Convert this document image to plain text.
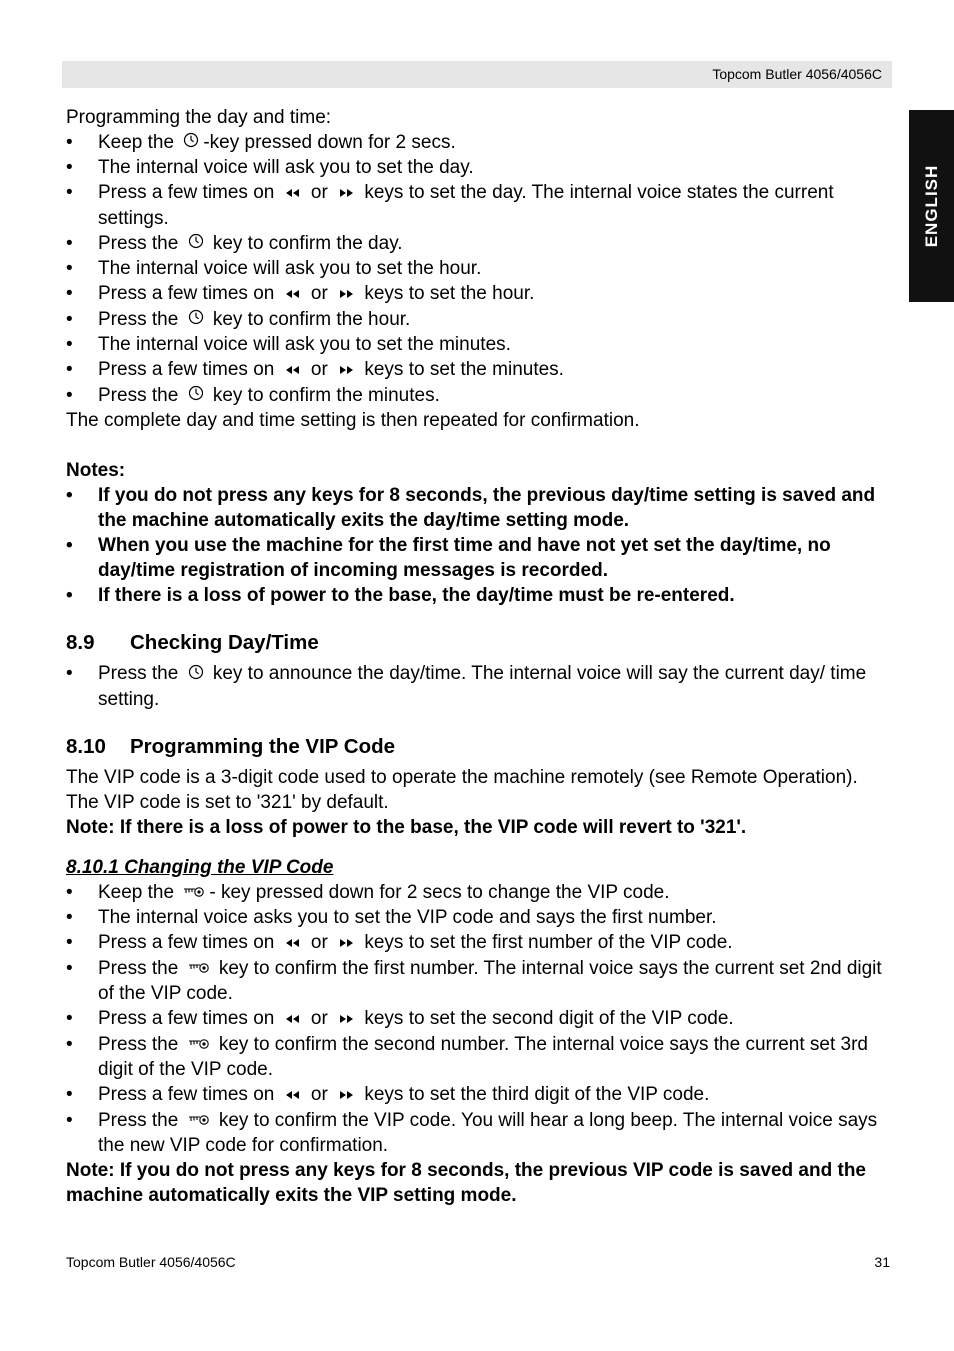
Topcom Butler 4056/4056C
ENGLISH

Programming the day and time:

• Keep the -key pressed down for 2 secs.
• The internal voice will ask you to set the day.
• Press a few times on  or  keys to set the day. The internal voice states the current settings.
• Press the  key to confirm the day.
• The internal voice will ask you to set the hour.
• Press a few times on  or  keys to set the hour.
• Press the  key to confirm the hour.
• The internal voice will ask you to set the minutes.
• Press a few times on  or  keys to set the minutes.
• Press the  key to confirm the minutes.

The complete day and time setting is then repeated for confirmation.

Notes:

• If you do not press any keys for 8 seconds, the previous day/time setting is saved and the machine automatically exits the day/time setting mode.
• When you use the machine for the first time and have not yet set the day/time, no day/time registration of incoming messages is recorded.
• If there is a loss of power to the base, the day/time must be re-entered.
8.9 Checking Day/Time
• Press the  key to announce the day/time. The internal voice will say the current day/ time setting.
8.10 Programming the VIP Code

The VIP code is a 3-digit code used to operate the machine remotely (see Remote Operation). The VIP code is set to '321' by default.

Note: If there is a loss of power to the base, the VIP code will revert to '321'.

8.10.1 Changing the VIP Code
• Keep the - key pressed down for 2 secs to change the VIP code.
• The internal voice asks you to set the VIP code and says the first number.
• Press a few times on  or  keys to set the first number of the VIP code.
• Press the  key to confirm the first number. The internal voice says the current set 2nd digit of the VIP code.
• Press a few times on  or  keys to set the second digit of the VIP code.
• Press the  key to confirm the second number. The internal voice says the current set 3rd digit of the VIP code.
• Press a few times on  or  keys to set the third digit of the VIP code.
• Press the  key to confirm the VIP code. You will hear a long beep. The internal voice says the new VIP code for confirmation.

Note: If you do not press any keys for 8 seconds, the previous VIP code is saved and the machine automatically exits the VIP setting mode.

Topcom Butler 4056/4056C	31
